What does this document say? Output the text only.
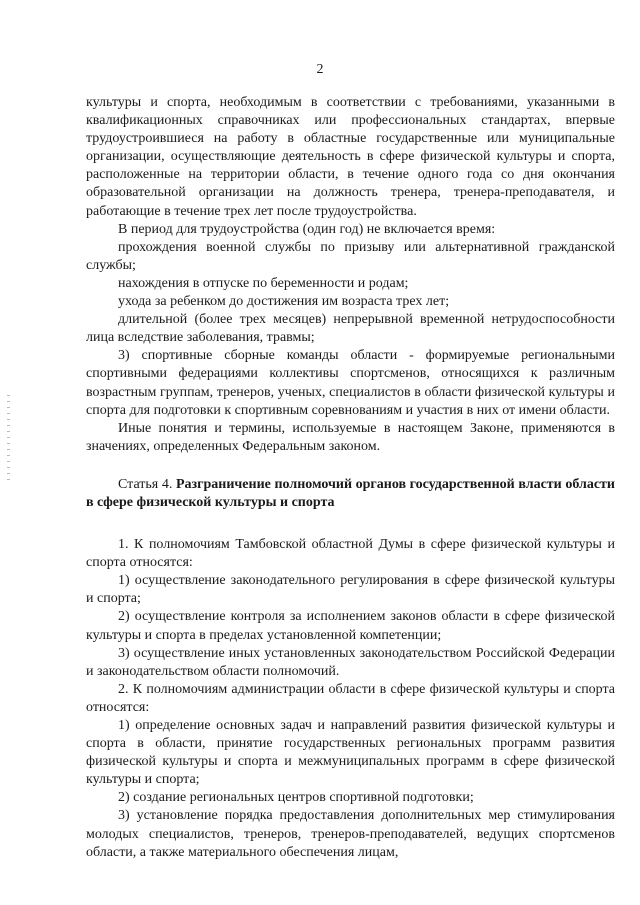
2

культуры и спорта, необходимым в соответствии с требованиями, указанными в квалификационных справочниках или профессиональных стандартах, впервые трудоустроившиеся на работу в областные государственные или муниципальные организации, осуществляющие деятельность в сфере физической культуры и спорта, расположенные на территории области, в течение одного года со дня окончания образовательной организации на должность тренера, тренера-преподавателя, и работающие в течение трех лет после трудоустройства.

В период для трудоустройства (один год) не включается время:

прохождения военной службы по призыву или альтернативной гражданской службы;

нахождения в отпуске по беременности и родам;

ухода за ребенком до достижения им возраста трех лет;

длительной (более трех месяцев) непрерывной временной нетрудоспособности лица вследствие заболевания, травмы;

3) спортивные сборные команды области - формируемые региональными спортивными федерациями коллективы спортсменов, относящихся к различным возрастным группам, тренеров, ученых, специалистов в области физической культуры и спорта для подготовки к спортивным соревнованиям и участия в них от имени области.

Иные понятия и термины, используемые в настоящем Законе, применяются в значениях, определенных Федеральным законом.

Статья 4. Разграничение полномочий органов государственной власти области в сфере физической культуры и спорта

1. К полномочиям Тамбовской областной Думы в сфере физической культуры и спорта относятся:

1) осуществление законодательного регулирования в сфере физической культуры и спорта;

2) осуществление контроля за исполнением законов области в сфере физической культуры и спорта в пределах установленной компетенции;

3) осуществление иных установленных законодательством Российской Федерации и законодательством области полномочий.

2. К полномочиям администрации области в сфере физической культуры и спорта относятся:

1) определение основных задач и направлений развития физической культуры и спорта в области, принятие государственных региональных программ развития физической культуры и спорта и межмуниципальных программ в сфере физической культуры и спорта;

2) создание региональных центров спортивной подготовки;

3) установление порядка предоставления дополнительных мер стимулирования молодых специалистов, тренеров, тренеров-преподавателей, ведущих спортсменов области, а также материального обеспечения лицам,
